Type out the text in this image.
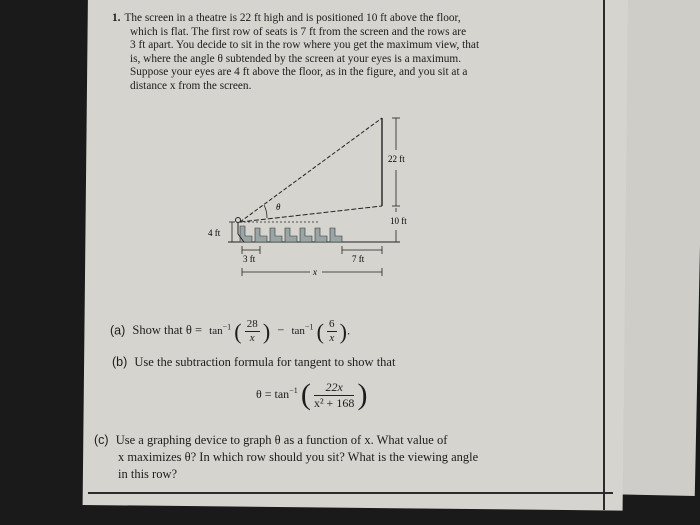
1. The screen in a theatre is 22 ft high and is positioned 10 ft above the floor,
which is flat. The first row of seats is 7 ft from the screen and the rows are
3 ft apart. You decide to sit in the row where you get the maximum view, that
is, where the angle θ subtended by the screen at your eyes is a maximum.
Suppose your eyes are 4 ft above the floor, as in the figure, and you sit at a
distance x from the screen.
θ
4 ft
22 ft
10 ft
3 ft	7 ft
x
(a) Show that $\theta = \tan^{-1}$ ( $\frac{28}{x}$ ) − $\tan^{-1}$ ( $\frac{6}{x}$ ).
(b) Use the subtraction formula for tangent to show that
$\theta = \tan^{-1}$ ( $\frac{22x}{\text{x² + 168}}$ )
(c) Use a graphing device to graph θ as a function of x. What value of
x maximizes θ? In which row should you sit? What is the viewing angle
in this row?
